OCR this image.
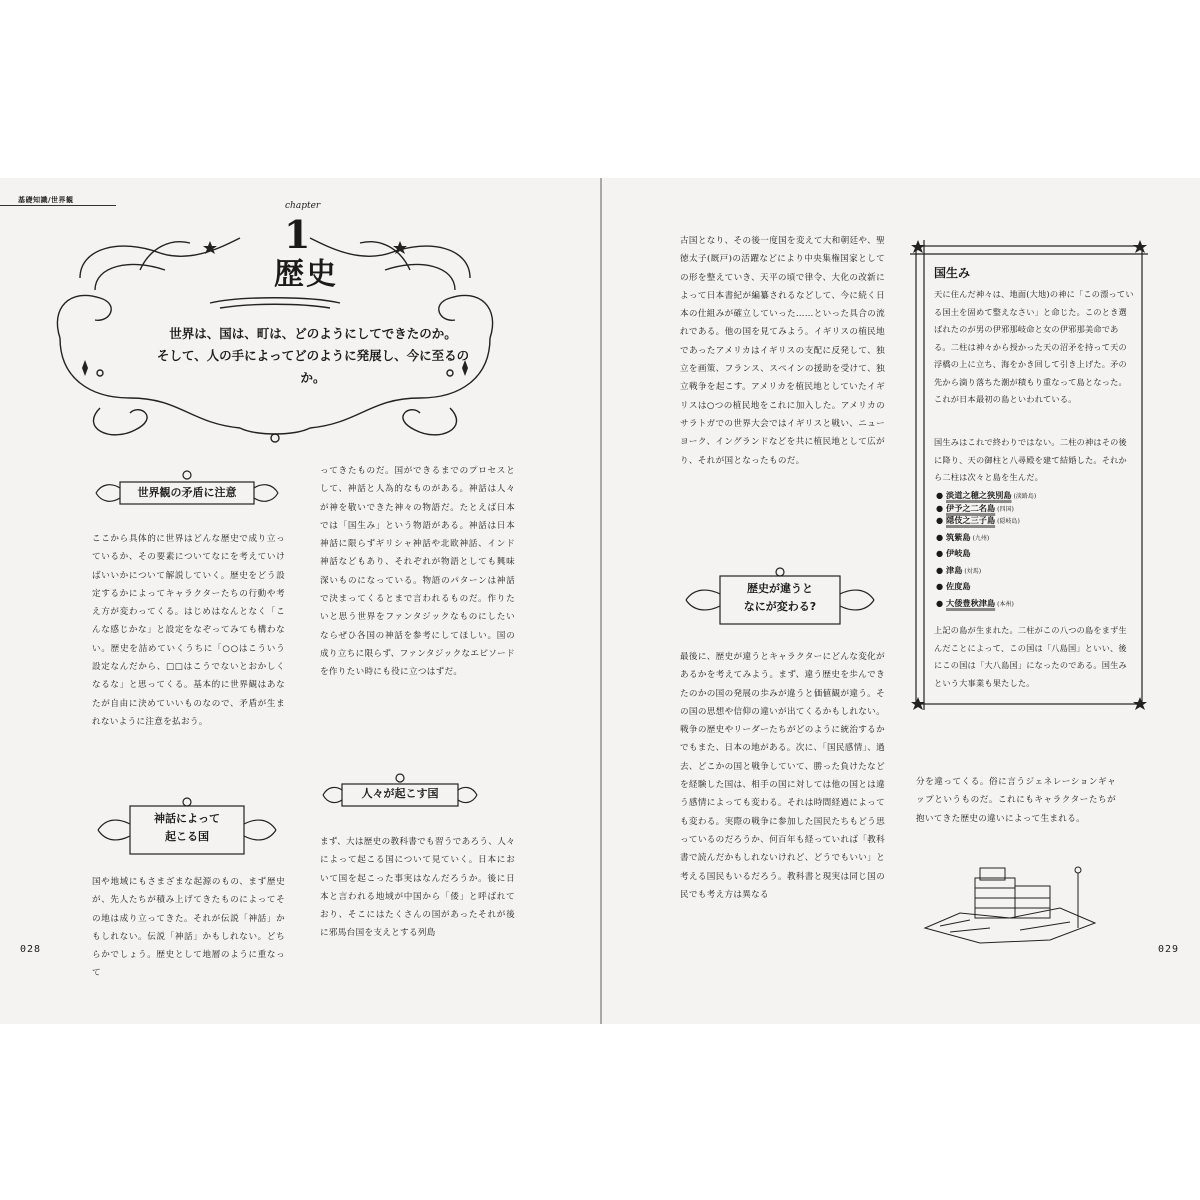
基礎知識/世界観
chapter
1
歴史
世界は、国は、町は、どのようにしてできたのか。
そして、人の手によってどのように発展し、今に至るのか。
世界観の矛盾に注意
ここから具体的に世界はどんな歴史で成り立っているか、その要素についてなにを考えていけばいいかについて解説していく。歴史をどう設定するかによってキャラクターたちの行動や考え方が変わってくる。はじめはなんとなく「こんな感じかな」と設定をなぞってみても構わない。歴史を詰めていくうちに「○○はこういう設定なんだから、□□はこうでないとおかしくなるな」と思ってくる。基本的に世界観はあなたが自由に決めていいものなので、矛盾が生まれないように注意を払おう。
神話によって
起こる国
国や地域にもさまざまな起源のもの、まず歴史が、先人たちが積み上げてきたものによってその地は成り立ってきた。それが伝説「神話」かもしれない。伝説「神話」かもしれない。どちらかでしょう。歴史として地層のように重なって
ってきたものだ。国ができるまでのプロセスとして、神話と人為的なものがある。神話は人々が神を敬いできた神々の物語だ。たとえば日本では「国生み」という物語がある。神話は日本神話に限らずギリシャ神話や北欧神話、インド神話などもあり、それぞれが物語としても興味深いものになっている。物語のパターンは神話で決まってくるとまで言われるものだ。作りたいと思う世界をファンタジックなものにしたいならぜひ各国の神話を参考にしてほしい。国の成り立ちに限らず、ファンタジックなエピソードを作りたい時にも役に立つはずだ。
人々が起こす国
まず、大は歴史の教科書でも習うであろう、人々によって起こる国について見ていく。日本において国を起こった事実はなんだろうか。後に日本と言われる地域が中国から「倭」と呼ばれており、そこにはたくさんの国があったそれが後に邪馬台国を支えとする列島
028
古国となり、その後一度国を変えて大和朝廷や、聖徳太子(厩戸)の活躍などにより中央集権国家としての形を整えていき、天平の頃で律令、大化の改新によって日本書紀が編纂されるなどして、今に続く日本の仕組みが確立していった……といった具合の流れである。他の国を見てみよう。イギリスの植民地であったアメリカはイギリスの支配に反発して、独立を画策、フランス、スペインの援助を受けて、独立戦争を起こす。アメリカを植民地としていたイギリスは○つの植民地をこれに加入した。アメリカのサラトガでの世界大会ではイギリスと戦い、ニューヨーク、イングランドなどを共に植民地として広がり、それが国となったものだ。
歴史が違うと
なにが変わる?
最後に、歴史が違うとキャラクターにどんな変化があるかを考えてみよう。まず、違う歴史を歩んできたのかの国の発展の歩みが違うと価値観が違う。その国の思想や信仰の違いが出てくるかもしれない。戦争の歴史やリーダーたちがどのように統治するかでもまた、日本の地がある。次に、「国民感情」、過去、どこかの国と戦争していて、勝った負けたなどを経験した国は、相手の国に対しては他の国とは違う感情によっても変わる。それは時間経過によっても変わる。実際の戦争に参加した国民たちもどう思っているのだろうか、何百年も経っていれば「教科書で読んだかもしれないけれど、どうでもいい」と考える国民もいるだろう。教科書と現実は同じ国の民でも考え方は異なる
国生み
天に住んだ神々は、地面(大地)の神に「この漂っている国土を固めて整えなさい」と命じた。このとき選ばれたのが男の伊邪那岐命と女の伊邪那美命である。二柱は神々から授かった天の沼矛を持って天の浮橋の上に立ち、海をかき回して引き上げた。矛の先から滴り落ちた潮が積もり重なって島となった。これが日本最初の島といわれている。
国生みはこれで終わりではない。二柱の神はその後に降り、天の御柱と八尋殿を建て結婚した。それから二柱は次々と島を生んだ。
● 淡道之穂之狭別島 (淡路島)
● 伊予之二名島 (四国)
● 隠伎之三子島 (隠岐島)
● 筑紫島 (九州)
● 伊岐島
● 津島 (対馬)
● 佐度島
● 大倭豊秋津島 (本州)
上記の島が生まれた。二柱がこの八つの島をまず生んだことによって、この国は「八島国」といい、後にこの国は「大八島国」になったのである。国生みという大事業も果たした。
分を違ってくる。俗に言うジェネレーションギャップというものだ。これにもキャラクターたちが抱いてきた歴史の違いによって生まれる。
029
